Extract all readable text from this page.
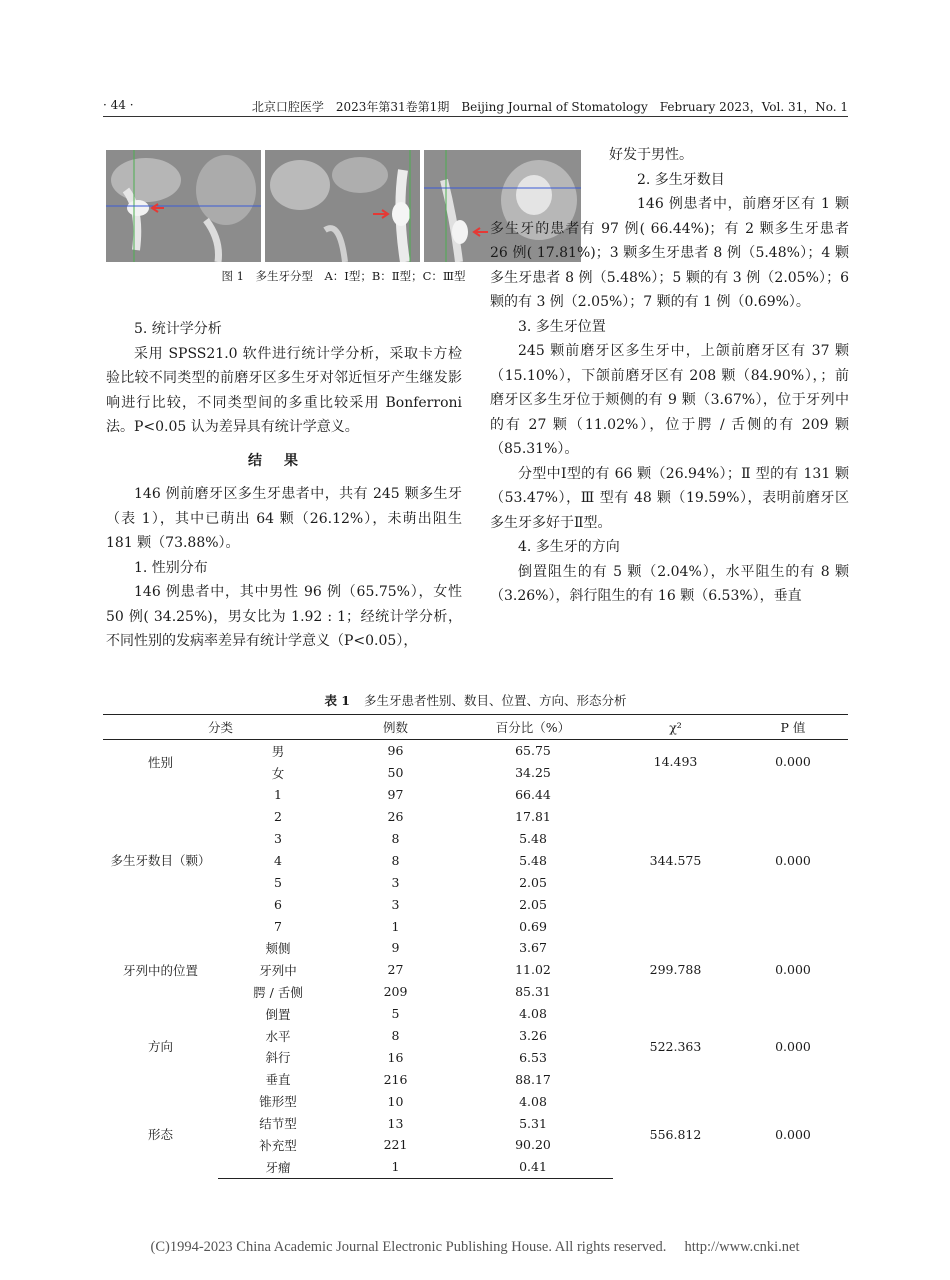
· 44 ·	北京口腔医学　2023年第31卷第1期　Beijing Journal of Stomatology　February 2023，Vol. 31，No. 1
图 1　多生牙分型　A：Ⅰ型；B：Ⅱ型；C：Ⅲ型

5. 统计学分析

采用 SPSS21.0 软件进行统计学分析，采取卡方检验比较不同类型的前磨牙区多生牙对邻近恒牙产生继发影响进行比较，不同类型间的多重比较采用 Bonferroni 法。P<0.05 认为差异具有统计学意义。

结果

146 例前磨牙区多生牙患者中，共有 245 颗多生牙（表 1），其中已萌出 64 颗（26.12%），未萌出阻生 181 颗（73.88%）。

1. 性别分布

146 例患者中，其中男性 96 例（65.75%），女性 50 例( 34.25%)，男女比为 1.92 : 1；经统计学分析，不同性别的发病率差异有统计学意义（P<0.05），

好发于男性。

2. 多生牙数目

146 例患者中，前磨牙区有 1 颗多生牙的患者有 97 例( 66.44%)；有 2 颗多生牙患者 26 例( 17.81%)；3 颗多生牙患者 8 例（5.48%）；4 颗多生牙患者 8 例（5.48%）；5 颗的有 3 例（2.05%）；6 颗的有 3 例（2.05%）；7 颗的有 1 例（0.69%）。

3. 多生牙位置

245 颗前磨牙区多生牙中，上颌前磨牙区有 37 颗（15.10%），下颌前磨牙区有 208 颗（84.90%），；前磨牙区多生牙位于颊侧的有 9 颗（3.67%），位于牙列中的有 27 颗（11.02%），位于腭 / 舌侧的有 209 颗（85.31%）。

分型中Ⅰ型的有 66 颗（26.94%）；Ⅱ 型的有 131 颗（53.47%），Ⅲ 型有 48 颗（19.59%），表明前磨牙区多生牙多好于Ⅱ型。

4. 多生牙的方向

倒置阻生的有 5 颗（2.04%），水平阻生的有 8 颗（3.26%），斜行阻生的有 16 颗（6.53%），垂直

表 1 多生牙患者性别、数目、位置、方向、形态分析
分类		例数	百分比（%）	χ²	P 值
性别	男	96	65.75	14.493	0.000
	女	50	34.25		
多生牙数目（颗）	1	97	66.44	344.575	0.000
	2	26	17.81		
	3	8	5.48		
	4	8	5.48		
	5	3	2.05		
	6	3	2.05		
	7	1	0.69		
牙列中的位置	颊侧	9	3.67	299.788	0.000
	牙列中	27	11.02		
	腭 / 舌侧	209	85.31		
方向	倒置	5	4.08	522.363	0.000
	水平	8	3.26		
	斜行	16	6.53		
	垂直	216	88.17		
形态	锥形型	10	4.08	556.812	0.000
	结节型	13	5.31		
	补充型	221	90.20		
	牙瘤	1	0.41		
(C)1994-2023 China Academic Journal Electronic Publishing House. All rights reserved.　 http://www.cnki.net
